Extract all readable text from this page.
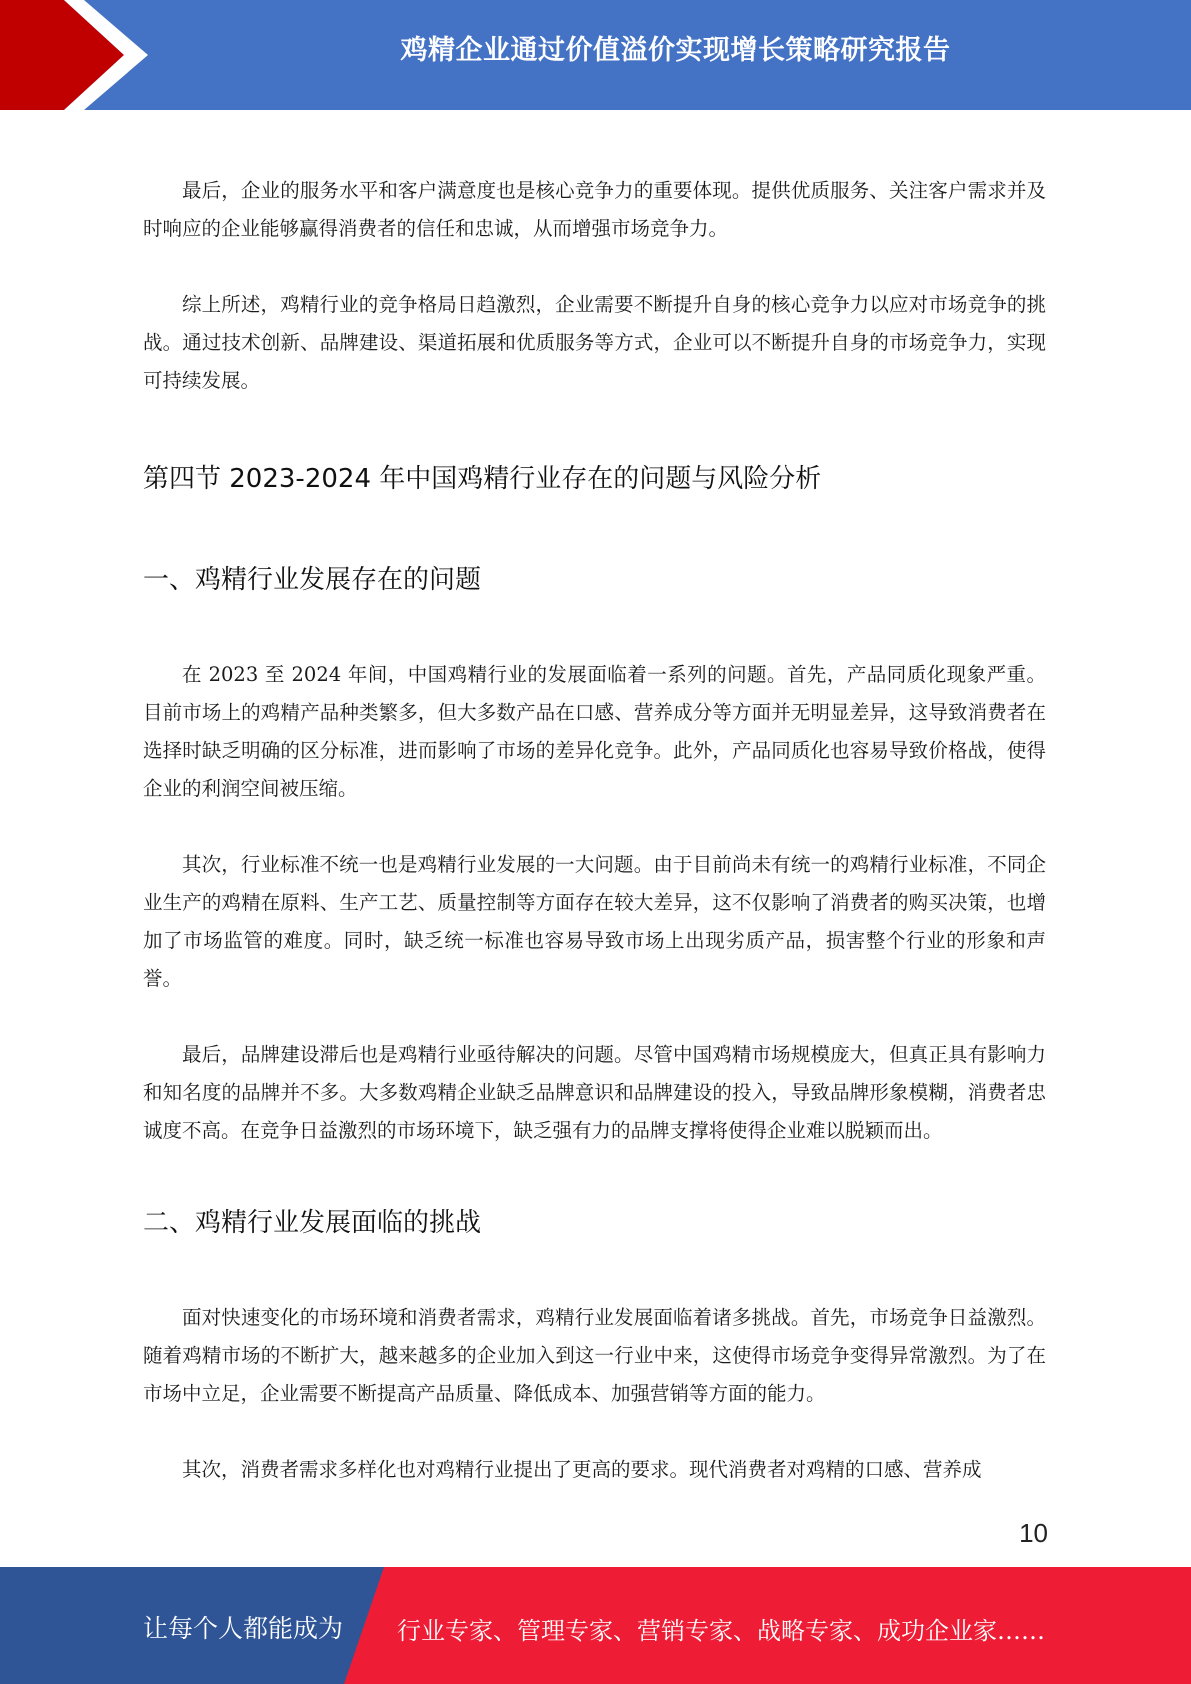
鸡精企业通过价值溢价实现增长策略研究报告

最后，企业的服务水平和客户满意度也是核心竞争力的重要体现。提供优质服务、关注客户需求并及时响应的企业能够赢得消费者的信任和忠诚，从而增强市场竞争力。

综上所述，鸡精行业的竞争格局日趋激烈，企业需要不断提升自身的核心竞争力以应对市场竞争的挑战。通过技术创新、品牌建设、渠道拓展和优质服务等方式，企业可以不断提升自身的市场竞争力，实现可持续发展。

第四节 2023-2024 年中国鸡精行业存在的问题与风险分析
一、鸡精行业发展存在的问题

在 2023 至 2024 年间，中国鸡精行业的发展面临着一系列的问题。首先，产品同质化现象严重。目前市场上的鸡精产品种类繁多，但大多数产品在口感、营养成分等方面并无明显差异，这导致消费者在选择时缺乏明确的区分标准，进而影响了市场的差异化竞争。此外，产品同质化也容易导致价格战，使得企业的利润空间被压缩。

其次，行业标准不统一也是鸡精行业发展的一大问题。由于目前尚未有统一的鸡精行业标准，不同企业生产的鸡精在原料、生产工艺、质量控制等方面存在较大差异，这不仅影响了消费者的购买决策，也增加了市场监管的难度。同时，缺乏统一标准也容易导致市场上出现劣质产品，损害整个行业的形象和声誉。

最后，品牌建设滞后也是鸡精行业亟待解决的问题。尽管中国鸡精市场规模庞大，但真正具有影响力和知名度的品牌并不多。大多数鸡精企业缺乏品牌意识和品牌建设的投入，导致品牌形象模糊，消费者忠诚度不高。在竞争日益激烈的市场环境下，缺乏强有力的品牌支撑将使得企业难以脱颖而出。

二、鸡精行业发展面临的挑战

面对快速变化的市场环境和消费者需求，鸡精行业发展面临着诸多挑战。首先，市场竞争日益激烈。随着鸡精市场的不断扩大，越来越多的企业加入到这一行业中来，这使得市场竞争变得异常激烈。为了在市场中立足，企业需要不断提高产品质量、降低成本、加强营销等方面的能力。

其次，消费者需求多样化也对鸡精行业提出了更高的要求。现代消费者对鸡精的口感、营养成

10
让每个人都能成为 行业专家、管理专家、营销专家、战略专家、成功企业家……
